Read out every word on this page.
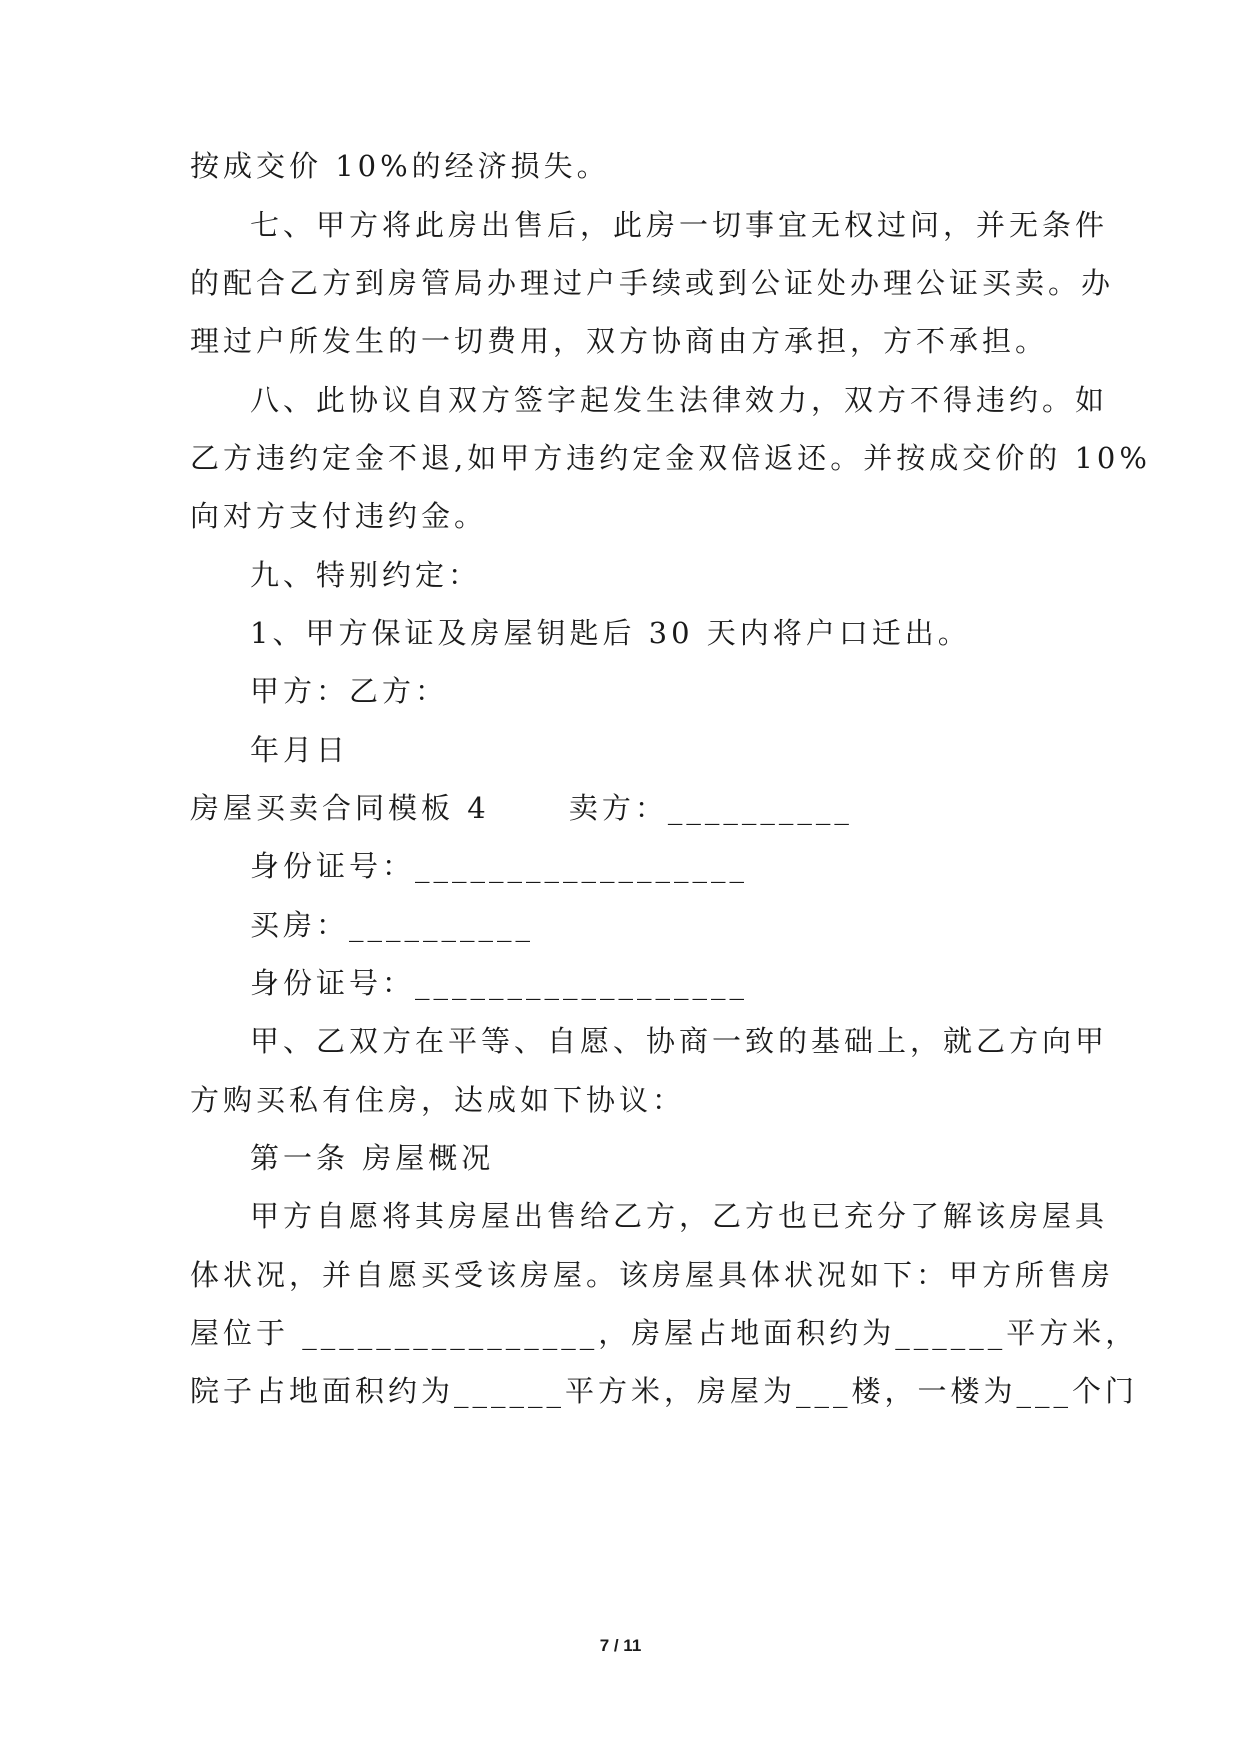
按成交价 10%的经济损失。
七、甲方将此房出售后，此房一切事宜无权过问，并无条件
的配合乙方到房管局办理过户手续或到公证处办理公证买卖。办
理过户所发生的一切费用，双方协商由方承担，方不承担。
八、此协议自双方签字起发生法律效力，双方不得违约。如
乙方违约定金不退,如甲方违约定金双倍返还。并按成交价的 10%
向对方支付违约金。
九、特别约定：
1、甲方保证及房屋钥匙后 30 天内将户口迁出。
甲方：乙方：
年月日
房屋买卖合同模板 4　　 卖方：__________
身份证号：__________________
买房：__________
身份证号：__________________
甲、乙双方在平等、自愿、协商一致的基础上，就乙方向甲
方购买私有住房，达成如下协议：
第一条 房屋概况
甲方自愿将其房屋出售给乙方，乙方也已充分了解该房屋具
体状况，并自愿买受该房屋。该房屋具体状况如下：甲方所售房
屋位于 ________________，房屋占地面积约为______平方米，
院子占地面积约为______平方米，房屋为___楼，一楼为___个门
7 / 11
